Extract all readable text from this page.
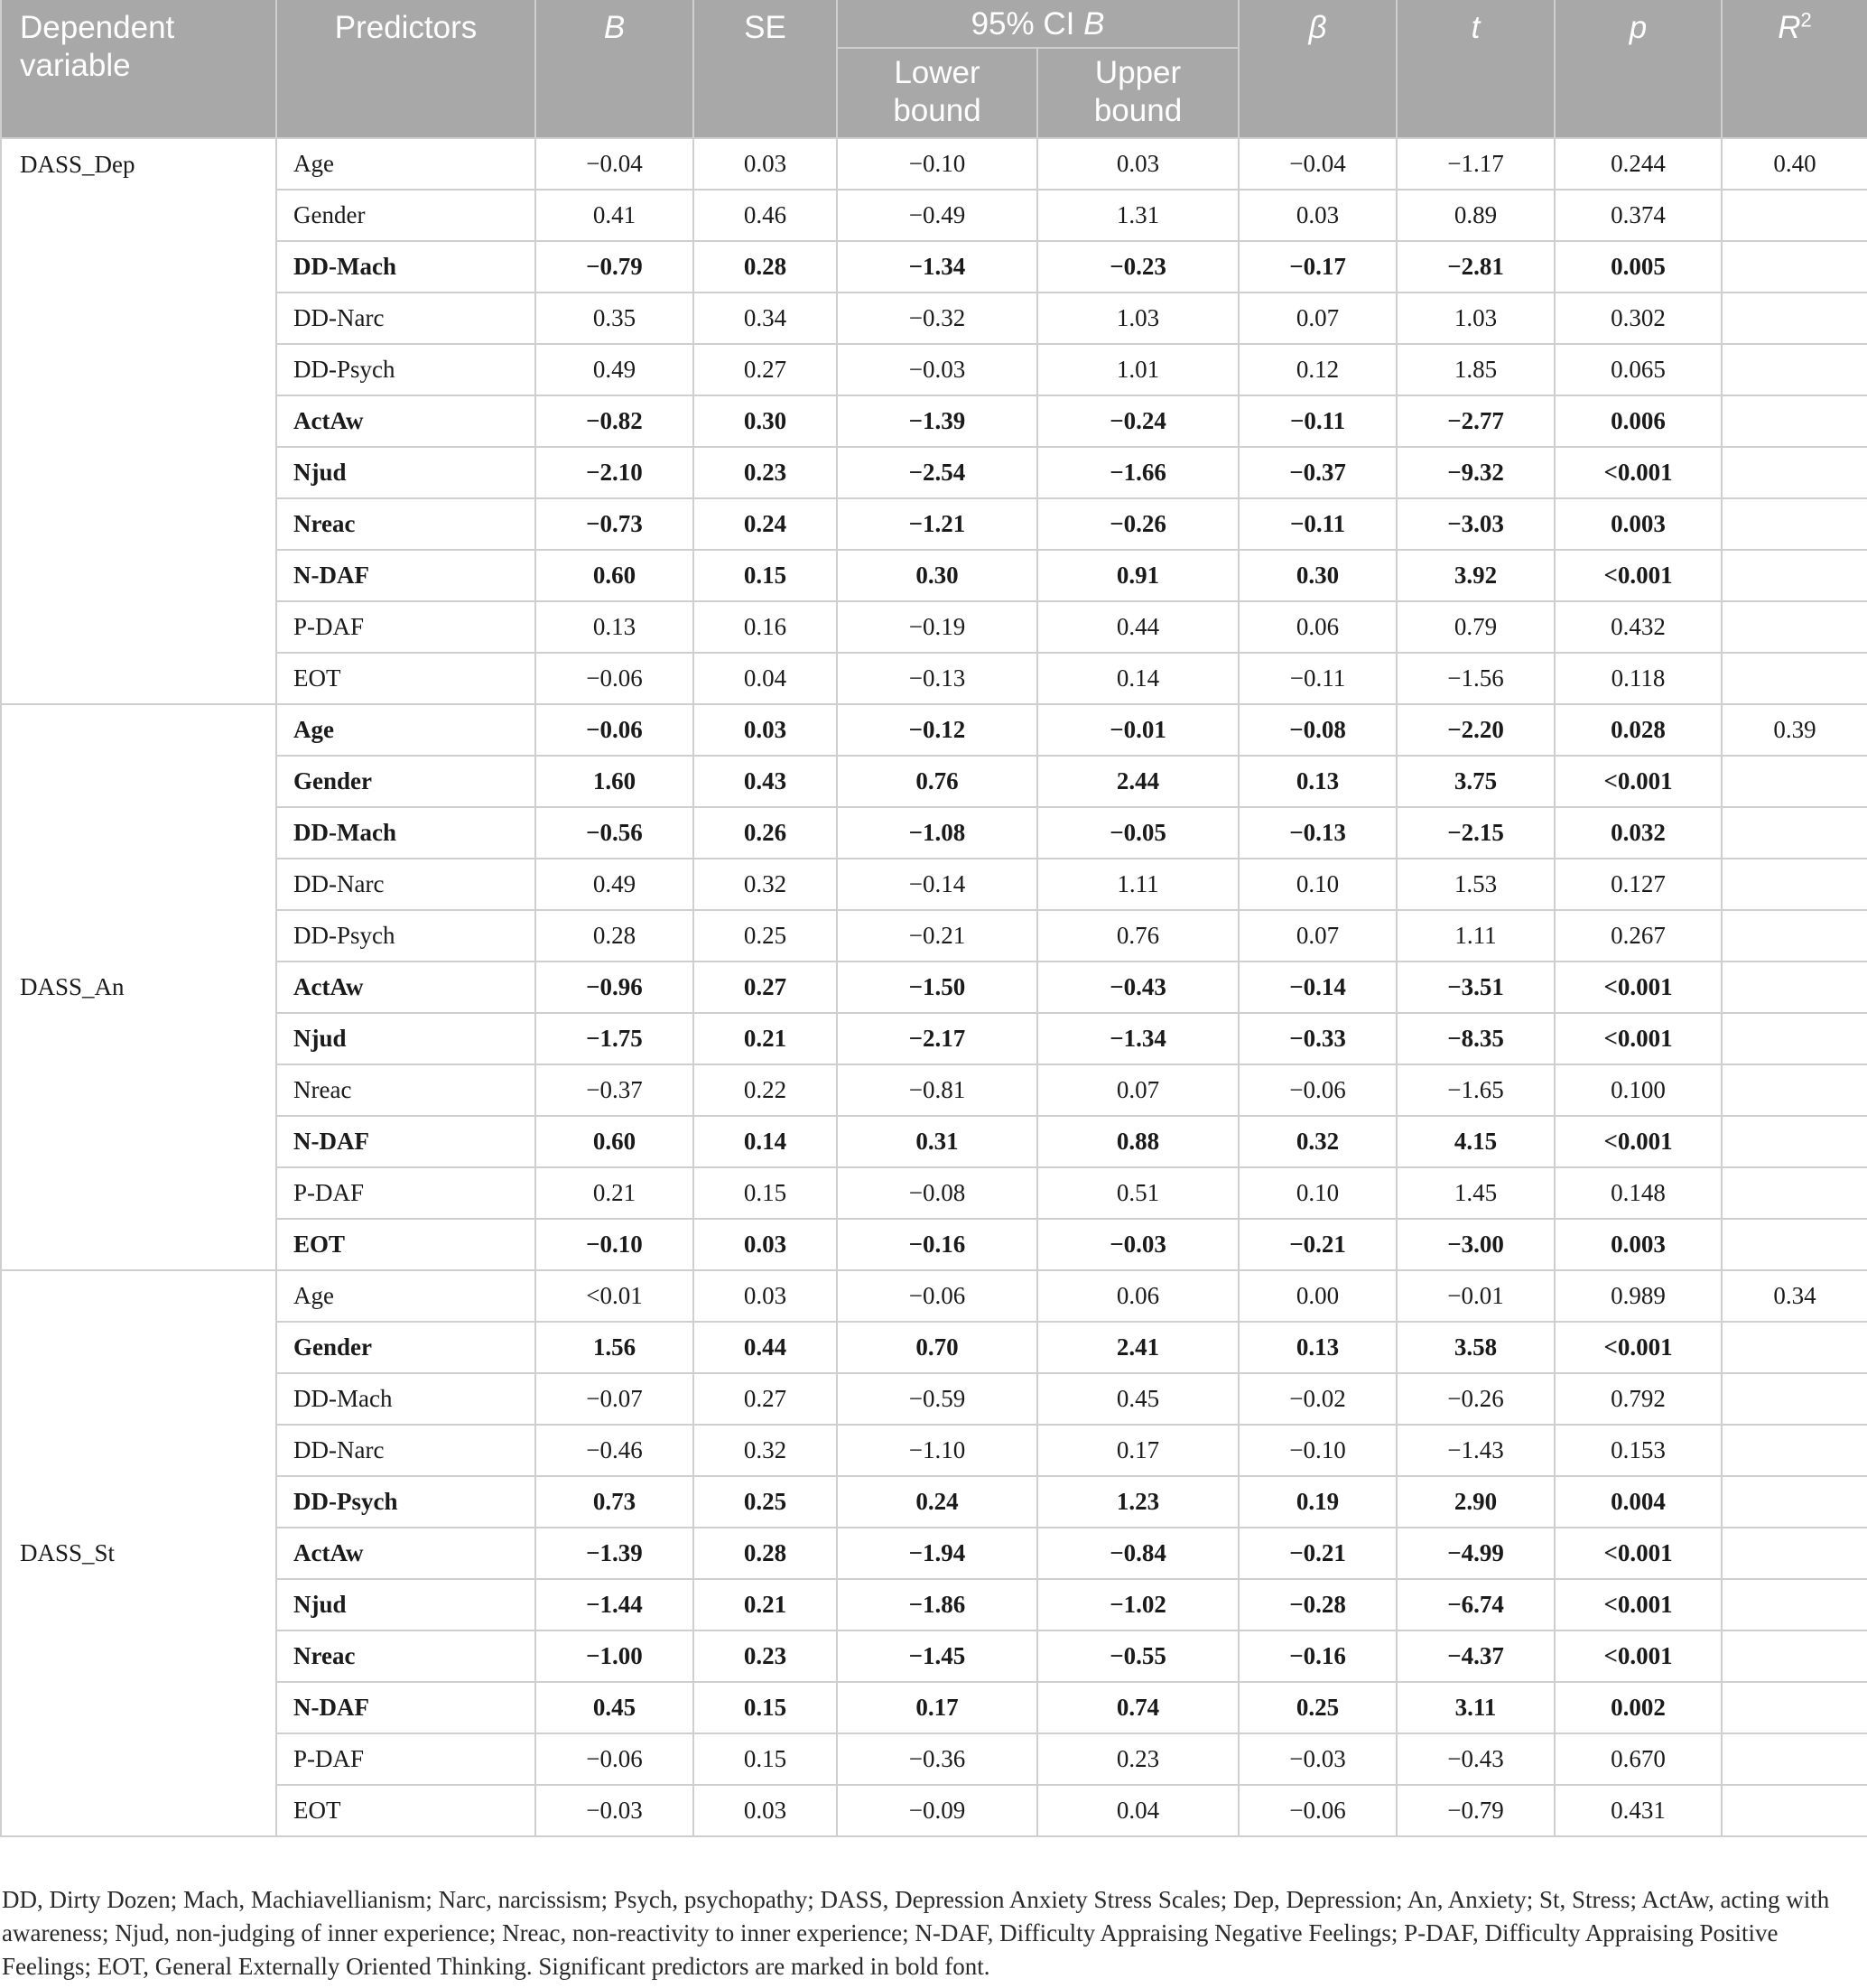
Dependent variable	Predictors	B	SE	95% CI B		β	t	p	$R^2$
				Lower bound	Upper bound				
DASS_Dep	Age	−0.04	0.03	−0.10	0.03	−0.04	−1.17	0.244	0.40
	Gender	0.41	0.46	−0.49	1.31	0.03	0.89	0.374	
	DD-Mach	−0.79	0.28	−1.34	−0.23	−0.17	−2.81	0.005	
	DD-Narc	0.35	0.34	−0.32	1.03	0.07	1.03	0.302	
	DD-Psych	0.49	0.27	−0.03	1.01	0.12	1.85	0.065	
	ActAw	−0.82	0.30	−1.39	−0.24	−0.11	−2.77	0.006	
	Njud	−2.10	0.23	−2.54	−1.66	−0.37	−9.32	<0.001	
	Nreac	−0.73	0.24	−1.21	−0.26	−0.11	−3.03	0.003	
	N-DAF	0.60	0.15	0.30	0.91	0.30	3.92	<0.001	
	P-DAF	0.13	0.16	−0.19	0.44	0.06	0.79	0.432	
	EOT	−0.06	0.04	−0.13	0.14	−0.11	−1.56	0.118	
DASS_An	Age	−0.06	0.03	−0.12	−0.01	−0.08	−2.20	0.028	0.39
	Gender	1.60	0.43	0.76	2.44	0.13	3.75	<0.001	
	DD-Mach	−0.56	0.26	−1.08	−0.05	−0.13	−2.15	0.032	
	DD-Narc	0.49	0.32	−0.14	1.11	0.10	1.53	0.127	
	DD-Psych	0.28	0.25	−0.21	0.76	0.07	1.11	0.267	
	ActAw	−0.96	0.27	−1.50	−0.43	−0.14	−3.51	<0.001	
	Njud	−1.75	0.21	−2.17	−1.34	−0.33	−8.35	<0.001	
	Nreac	−0.37	0.22	−0.81	0.07	−0.06	−1.65	0.100	
	N-DAF	0.60	0.14	0.31	0.88	0.32	4.15	<0.001	
	P-DAF	0.21	0.15	−0.08	0.51	0.10	1.45	0.148	
	EOT	−0.10	0.03	−0.16	−0.03	−0.21	−3.00	0.003	
DASS_St	Age	<0.01	0.03	−0.06	0.06	0.00	−0.01	0.989	0.34
	Gender	1.56	0.44	0.70	2.41	0.13	3.58	<0.001	
	DD-Mach	−0.07	0.27	−0.59	0.45	−0.02	−0.26	0.792	
	DD-Narc	−0.46	0.32	−1.10	0.17	−0.10	−1.43	0.153	
	DD-Psych	0.73	0.25	0.24	1.23	0.19	2.90	0.004	
	ActAw	−1.39	0.28	−1.94	−0.84	−0.21	−4.99	<0.001	
	Njud	−1.44	0.21	−1.86	−1.02	−0.28	−6.74	<0.001	
	Nreac	−1.00	0.23	−1.45	−0.55	−0.16	−4.37	<0.001	
	N-DAF	0.45	0.15	0.17	0.74	0.25	3.11	0.002	
	P-DAF	−0.06	0.15	−0.36	0.23	−0.03	−0.43	0.670	
	EOT	−0.03	0.03	−0.09	0.04	−0.06	−0.79	0.431	
DD, Dirty Dozen; Mach, Machiavellianism; Narc, narcissism; Psych, psychopathy; DASS, Depression Anxiety Stress Scales; Dep, Depression; An, Anxiety; St, Stress; ActAw, acting with awareness; Njud, non-judging of inner experience; Nreac, non-reactivity to inner experience; N-DAF, Difficulty Appraising Negative Feelings; P-DAF, Difficulty Appraising Positive Feelings; EOT, General Externally Oriented Thinking. Significant predictors are marked in bold font.
